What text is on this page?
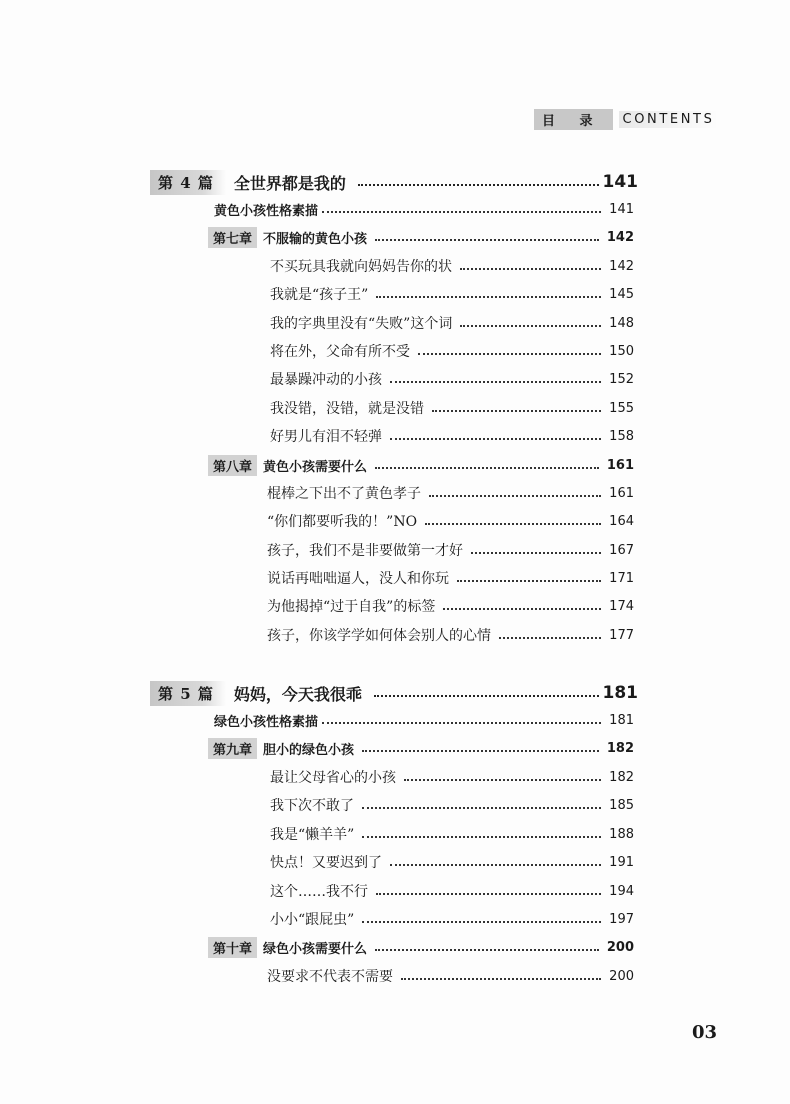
目 录	CONTENTS
第 4 篇	全世界都是我的	141
黄色小孩性格素描	141
第七章 不服输的黄色小孩	142
不买玩具我就向妈妈告你的状	142
我就是“孩子王”	145
我的字典里没有“失败”这个词	148
将在外，父命有所不受	150
最暴躁冲动的小孩	152
我没错，没错，就是没错	155
好男儿有泪不轻弹	158
第八章 黄色小孩需要什么	161
棍棒之下出不了黄色孝子	161
“你们都要听我的！”NO	164
孩子，我们不是非要做第一才好	167
说话再咄咄逼人，没人和你玩	171
为他揭掉“过于自我”的标签	174
孩子，你该学学如何体会别人的心情	177
第 5 篇	妈妈，今天我很乖	181
绿色小孩性格素描	181
第九章 胆小的绿色小孩	182
最让父母省心的小孩	182
我下次不敢了	185
我是“懒羊羊”	188
快点！又要迟到了	191
这个……我不行	194
小小“跟屁虫”	197
第十章 绿色小孩需要什么	200
没要求不代表不需要	200
03
